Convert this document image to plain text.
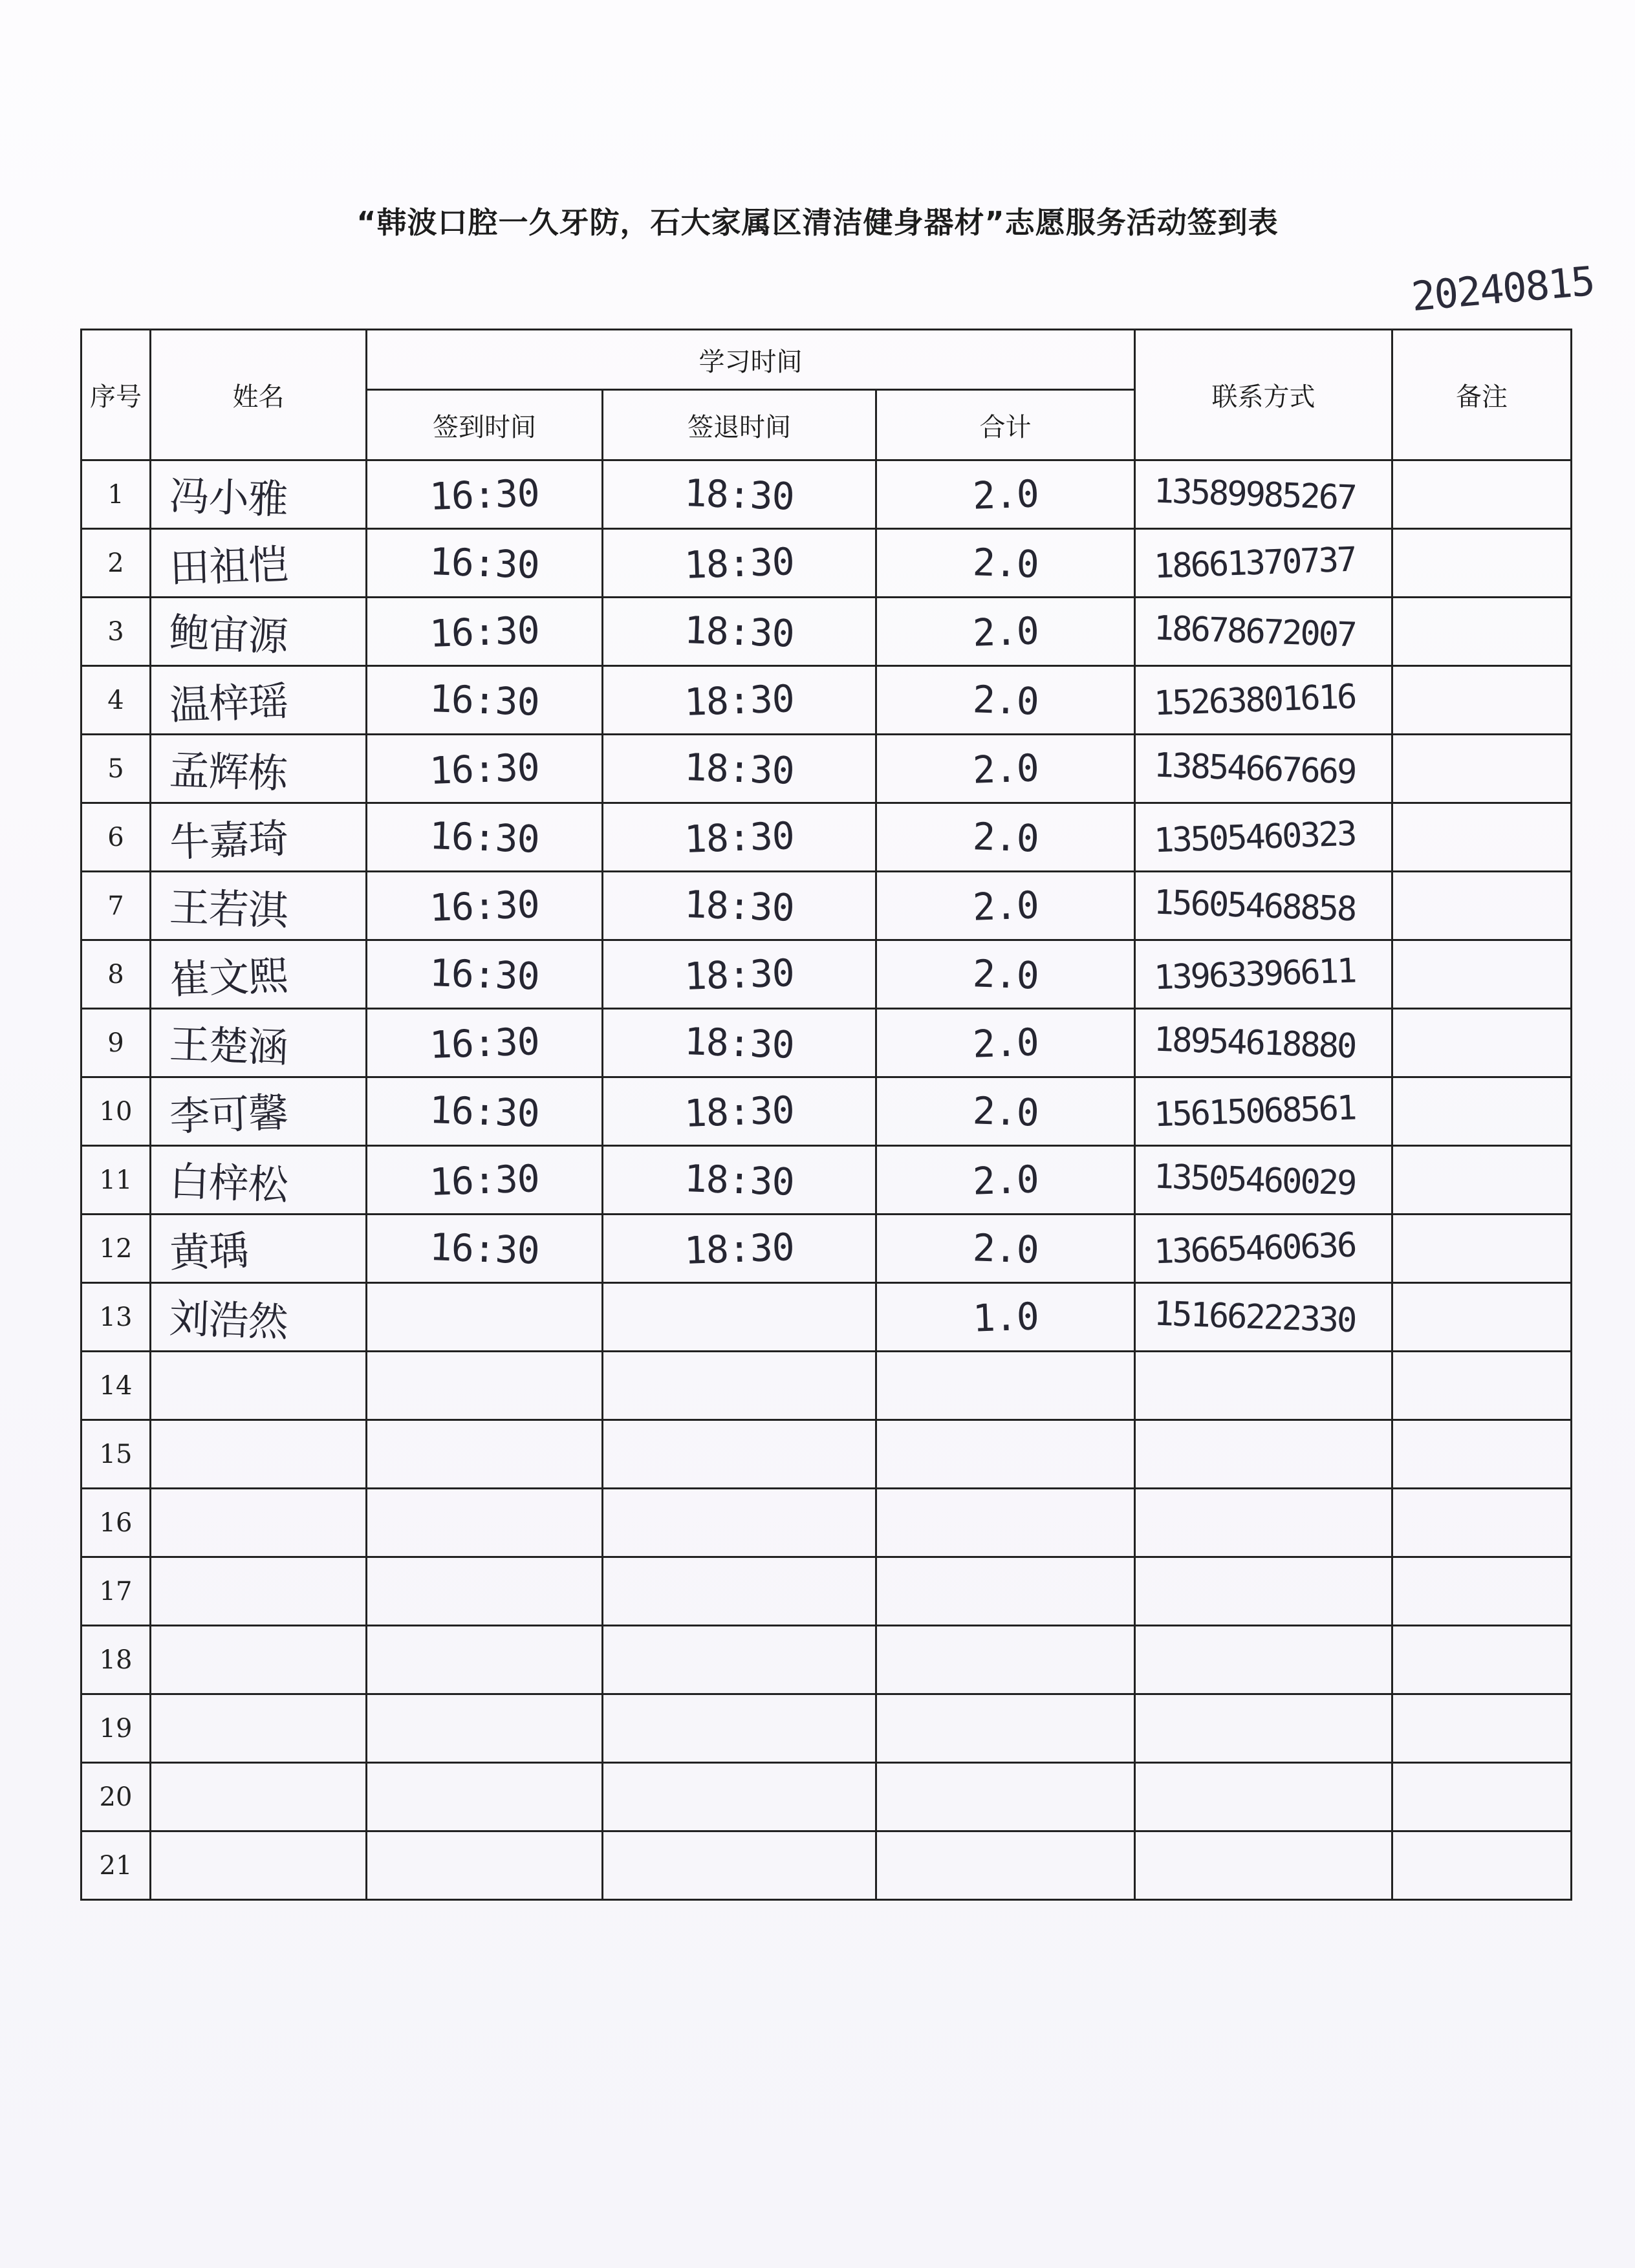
“韩波口腔一久牙防，石大家属区清洁健身器材”志愿服务活动签到表
20240815
序号	姓名	学习时间			联系方式	备注
		签到时间	签退时间	合计		
1	冯小雅	16:30	18:30	2.0	13589985267	
2	田祖恺	16:30	18:30	2.0	18661370737	
3	鲍宙源	16:30	18:30	2.0	18678672007	
4	温梓瑶	16:30	18:30	2.0	15263801616	
5	孟辉栋	16:30	18:30	2.0	13854667669	
6	牛嘉琦	16:30	18:30	2.0	13505460323	
7	王若淇	16:30	18:30	2.0	15605468858	
8	崔文熙	16:30	18:30	2.0	13963396611	
9	王楚涵	16:30	18:30	2.0	18954618880	
10	李可馨	16:30	18:30	2.0	15615068561	
11	白梓松	16:30	18:30	2.0	13505460029	
12	黄瑀	16:30	18:30	2.0	13665460636	
13	刘浩然			1.0	15166222330	
14						
15						
16						
17						
18						
19						
20						
21						
